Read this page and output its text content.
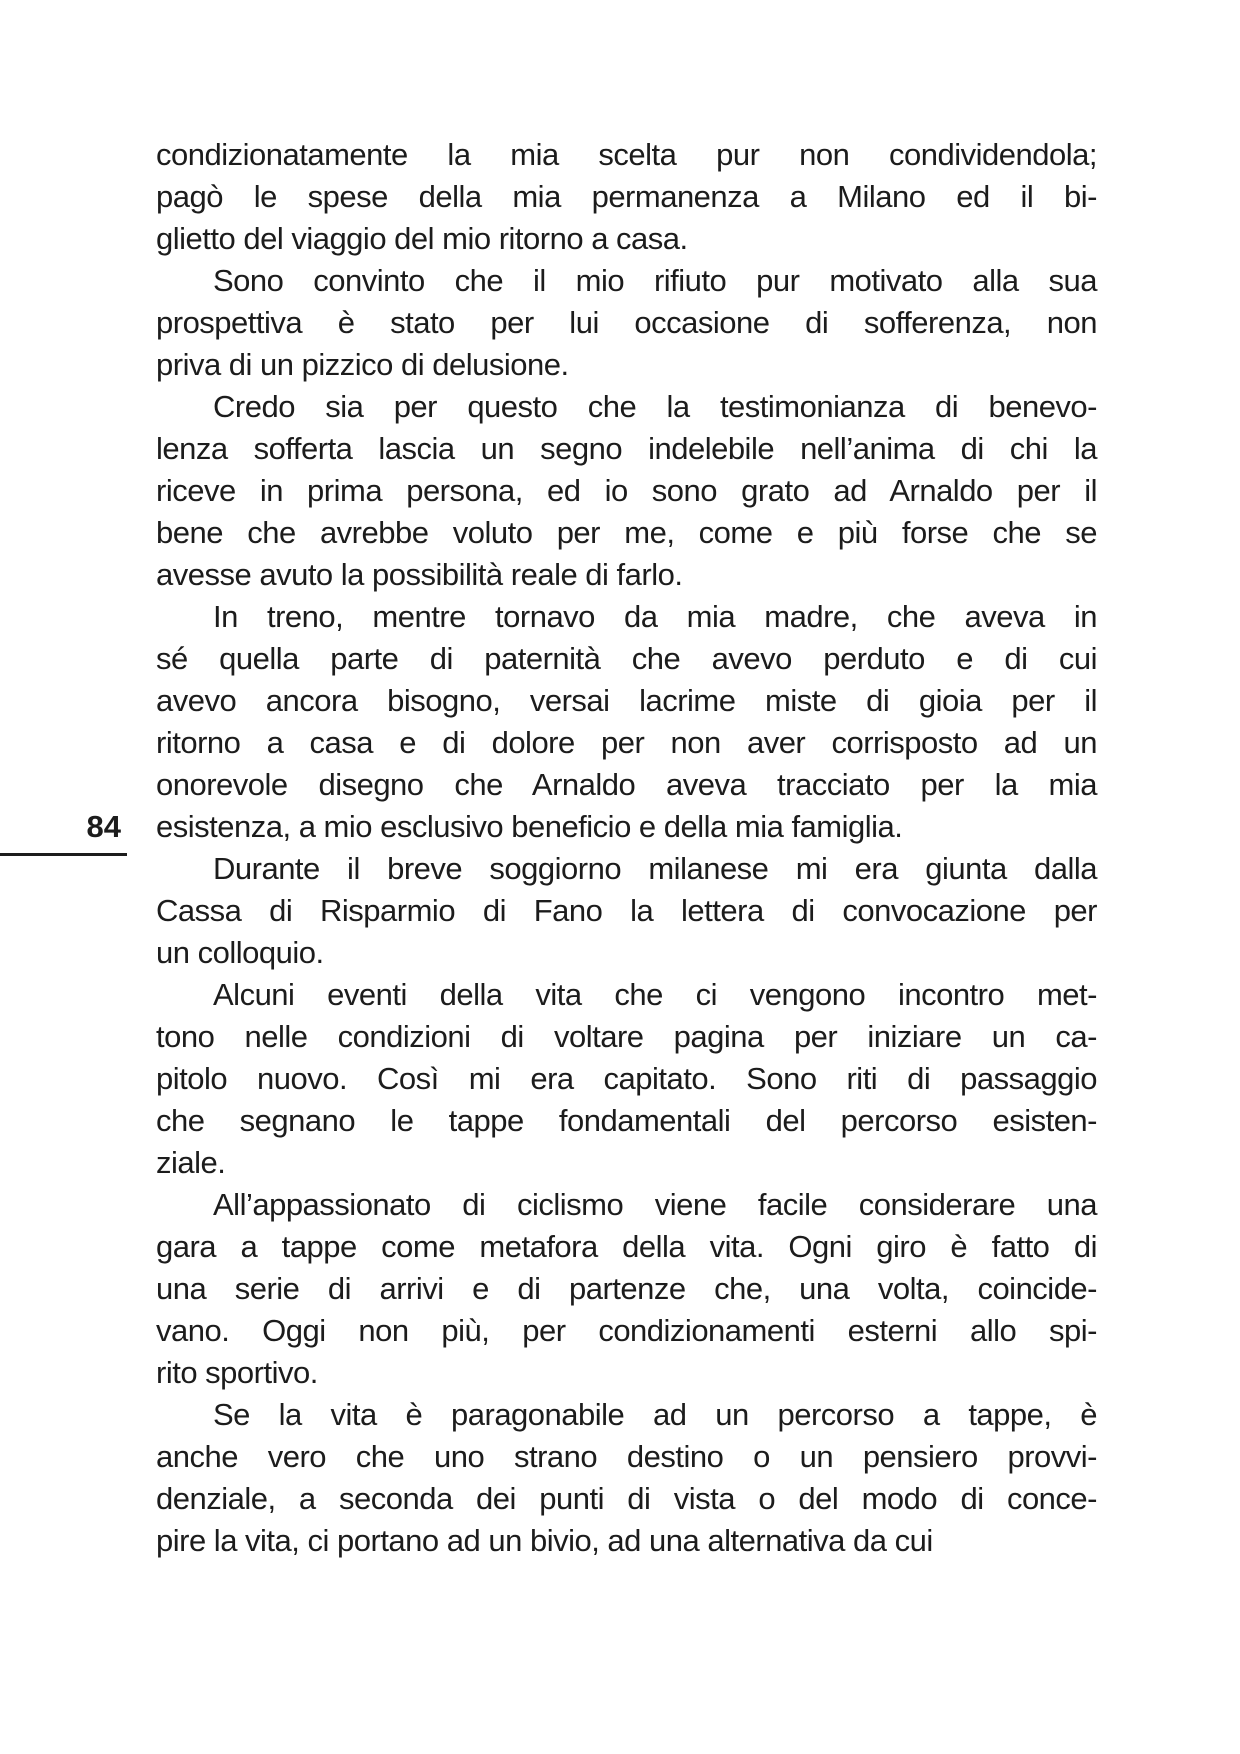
84
condizionatamente la mia scelta pur non condividendola;
pagò le spese della mia permanenza a Milano ed il bi-
glietto del viaggio del mio ritorno a casa.
Sono convinto che il mio rifiuto pur motivato alla sua
prospettiva è stato per lui occasione di sofferenza, non
priva di un pizzico di delusione.
Credo sia per questo che la testimonianza di benevo-
lenza sofferta lascia un segno indelebile nell’anima di chi la
riceve in prima persona, ed io sono grato ad Arnaldo per il
bene che avrebbe voluto per me, come e più forse che se
avesse avuto la possibilità reale di farlo.
In treno, mentre tornavo da mia madre, che aveva in
sé quella parte di paternità che avevo perduto e di cui
avevo ancora bisogno, versai lacrime miste di gioia per il
ritorno a casa e di dolore per non aver corrisposto ad un
onorevole disegno che Arnaldo aveva tracciato per la mia
esistenza, a mio esclusivo beneficio e della mia famiglia.
Durante il breve soggiorno milanese mi era giunta dalla
Cassa di Risparmio di Fano la lettera di convocazione per
un colloquio.
Alcuni eventi della vita che ci vengono incontro met-
tono nelle condizioni di voltare pagina per iniziare un ca-
pitolo nuovo. Così mi era capitato. Sono riti di passaggio
che segnano le tappe fondamentali del percorso esisten-
ziale.
All’appassionato di ciclismo viene facile considerare una
gara a tappe come metafora della vita. Ogni giro è fatto di
una serie di arrivi e di partenze che, una volta, coincide-
vano. Oggi non più, per condizionamenti esterni allo spi-
rito sportivo.
Se la vita è paragonabile ad un percorso a tappe, è
anche vero che uno strano destino o un pensiero provvi-
denziale, a seconda dei punti di vista o del modo di conce-
pire la vita, ci portano ad un bivio, ad una alternativa da cui
